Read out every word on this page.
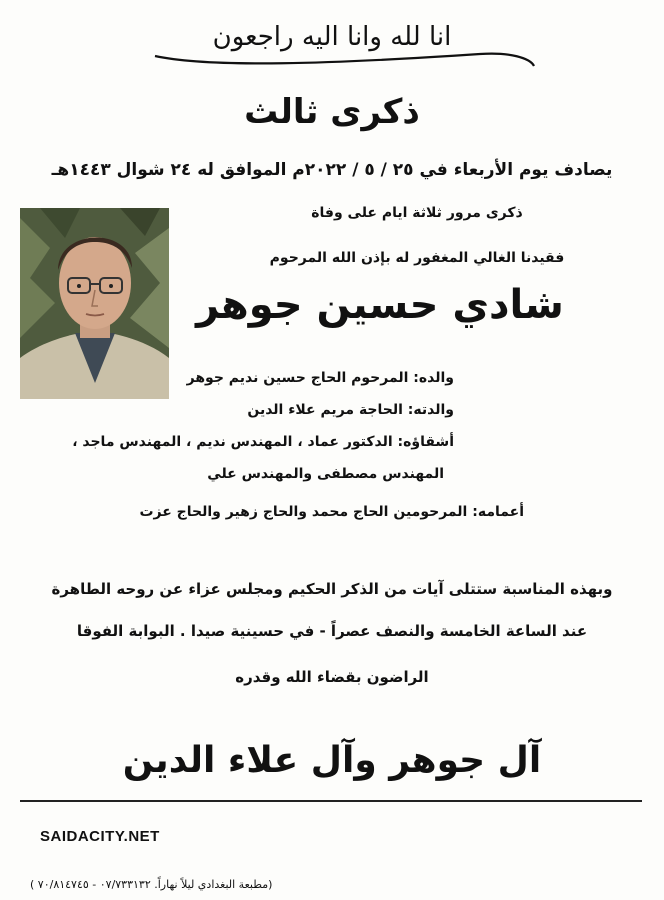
انا لله وانا اليه راجعون
ذكرى ثالث
يصادف يوم الأربعاء في ٢٥ / ٥ / ٢٠٢٢م الموافق له ٢٤ شوال ١٤٤٣هـ
ذكرى مرور ثلاثة ايام على وفاة
فقيدنا الغالي المغفور له بإذن الله المرحوم
شادي حسين جوهر
والده: المرحوم الحاج حسين نديم جوهر
والدته: الحاجة مريم علاء الدين
أشقاؤه: الدكتور عماد ، المهندس نديم ، المهندس ماجد ،
المهندس مصطفى والمهندس علي
أعمامه: المرحومين الحاج محمد والحاج زهير والحاج عزت
وبهذه المناسبة ستتلى آيات من الذكر الحكيم ومجلس عزاء عن روحه الطاهرة
عند الساعة الخامسة والنصف عصراً - في حسينية صيدا . البوابة الفوقا
الراضون بقضاء الله وقدره
آل جوهر وآل علاء الدين
SAIDACITY.NET
(مطبعة البغدادي ليلاً نهاراً. ٠٧/٧٣٣١٣٢ - ٧٠/٨١٤٧٤٥ )
